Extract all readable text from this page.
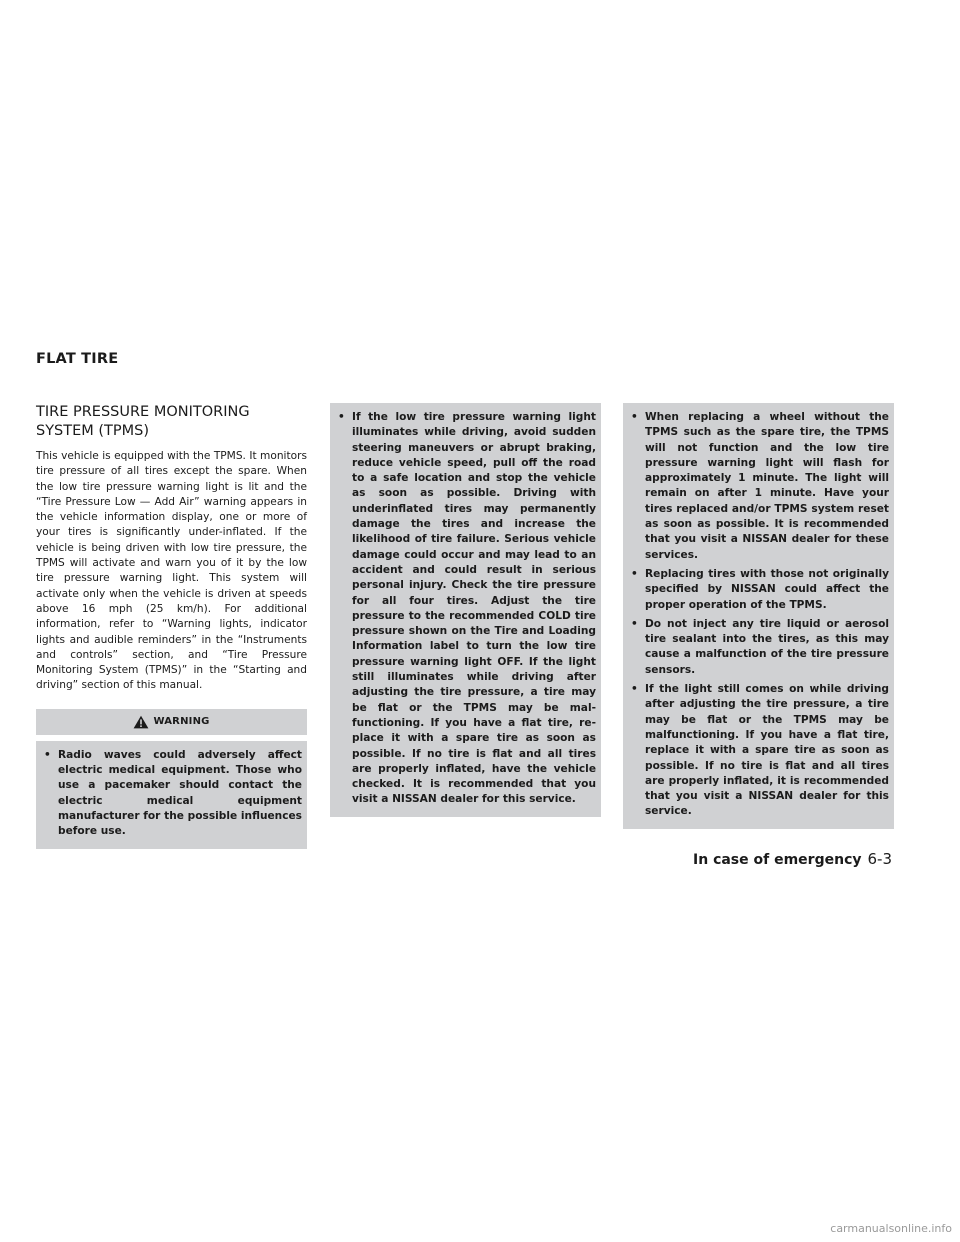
FLAT TIRE
TIRE PRESSURE MONITORING
SYSTEM (TPMS)

This vehicle is equipped with the TPMS. It monitors tire pressure of all tires except the spare. When the low tire pressure warning light is lit and the “Tire Pressure Low — Add Air” warning appears in the vehicle information display, one or more of your tires is significantly under-inflated. If the vehicle is being driven with low tire pressure, the TPMS will activate and warn you of it by the low tire pressure warning light. This system will activate only when the vehicle is driven at speeds above 16 mph (25 km/h). For additional information, refer to “Warning lights, indicator lights and audible reminders” in the “Instruments and controls” section, and “Tire Pressure Monitoring System (TPMS)” in the “Starting and driving” section of this manual.

WARNING
• Radio waves could adversely affect electric medical equipment. Those who use a pacemaker should contact the electric medical equipment manufacturer for the possible influences before use.
• If the low tire pressure warning light illuminates while driving, avoid sudden steering maneuvers or abrupt braking, reduce vehicle speed, pull off the road to a safe location and stop the vehicle as soon as possible. Driving with underinflated tires may permanently damage the tires and increase the likelihood of tire failure. Serious vehicle damage could occur and may lead to an accident and could result in serious personal injury. Check the tire pressure for all four tires. Adjust the tire pressure to the recommended COLD tire pressure shown on the Tire and Loading Information label to turn the low tire pressure warning light OFF. If the light still illuminates while driving after adjusting the tire pressure, a tire may be flat or the TPMS may be malfunctioning. If you have a flat tire, replace it with a spare tire as soon as possible. If no tire is flat and all tires are properly inflated, have the vehicle checked. It is recommended that you visit a NISSAN dealer for this service.
• When replacing a wheel without the TPMS such as the spare tire, the TPMS will not function and the low tire pressure warning light will flash for approximately 1 minute. The light will remain on after 1 minute. Have your tires replaced and/or TPMS system reset as soon as possible. It is recommended that you visit a NISSAN dealer for these services.
• Replacing tires with those not originally specified by NISSAN could affect the proper operation of the TPMS.
• Do not inject any tire liquid or aerosol tire sealant into the tires, as this may cause a malfunction of the tire pressure sensors.
• If the light still comes on while driving after adjusting the tire pressure, a tire may be flat or the TPMS may be malfunctioning. If you have a flat tire, replace it with a spare tire as soon as possible. If no tire is flat and all tires are properly inflated, it is recommended that you visit a NISSAN dealer for this service.
In case of emergency 6-3
carmanualsonline.info
